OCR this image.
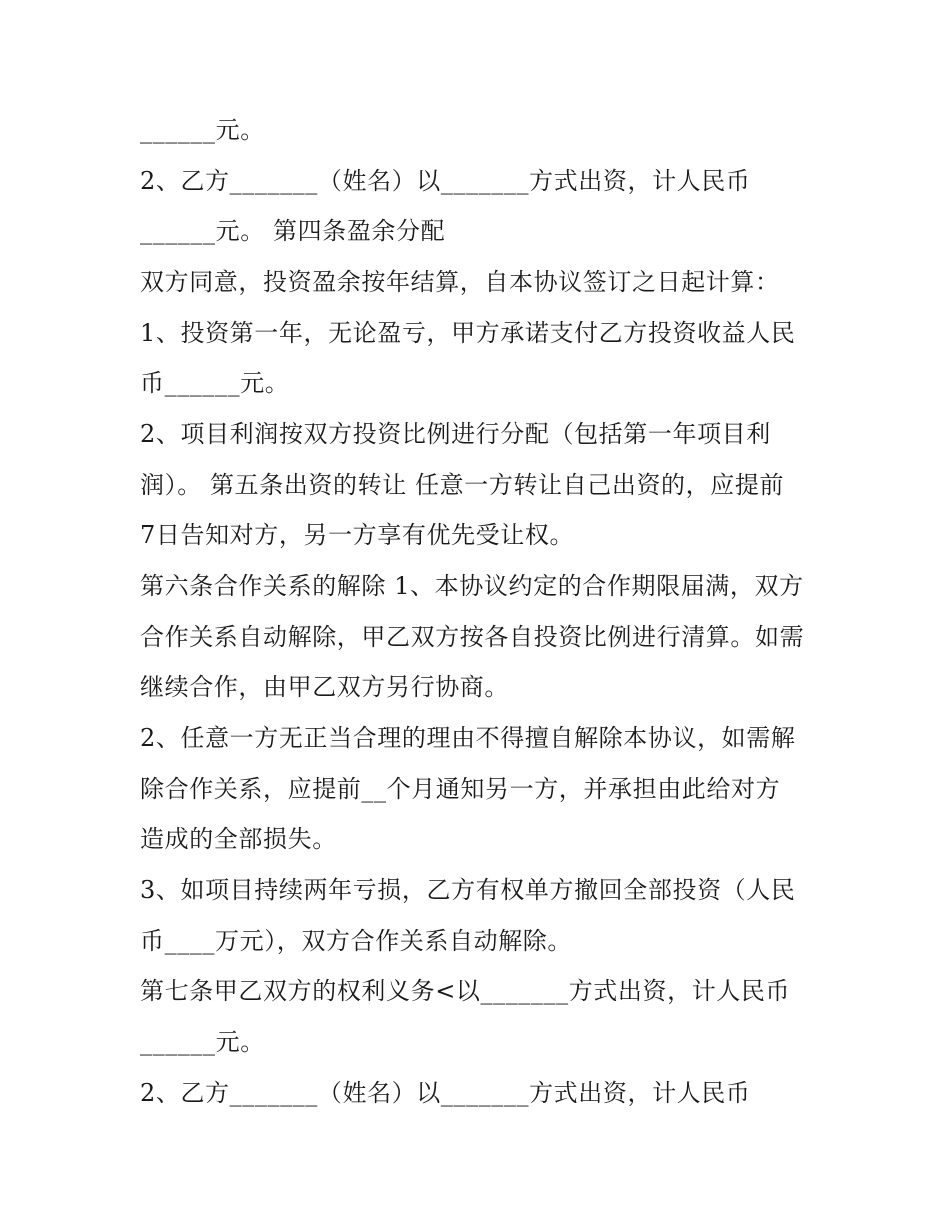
______元。
2、乙方_______（姓名）以_______方式出资，计人民币
______元。 第四条盈余分配
双方同意，投资盈余按年结算，自本协议签订之日起计算：
1、投资第一年，无论盈亏，甲方承诺支付乙方投资收益人民
币______元。
2、项目利润按双方投资比例进行分配（包括第一年项目利
润）。 第五条出资的转让 任意一方转让自己出资的，应提前
7日告知对方，另一方享有优先受让权。
第六条合作关系的解除 1、本协议约定的合作期限届满，双方
合作关系自动解除，甲乙双方按各自投资比例进行清算。如需
继续合作，由甲乙双方另行协商。
2、任意一方无正当合理的理由不得擅自解除本协议，如需解
除合作关系，应提前__个月通知另一方，并承担由此给对方
造成的全部损失。
3、如项目持续两年亏损，乙方有权单方撤回全部投资（人民
币____万元），双方合作关系自动解除。
第七条甲乙双方的权利义务<以_______方式出资，计人民币
______元。
2、乙方_______（姓名）以_______方式出资，计人民币
